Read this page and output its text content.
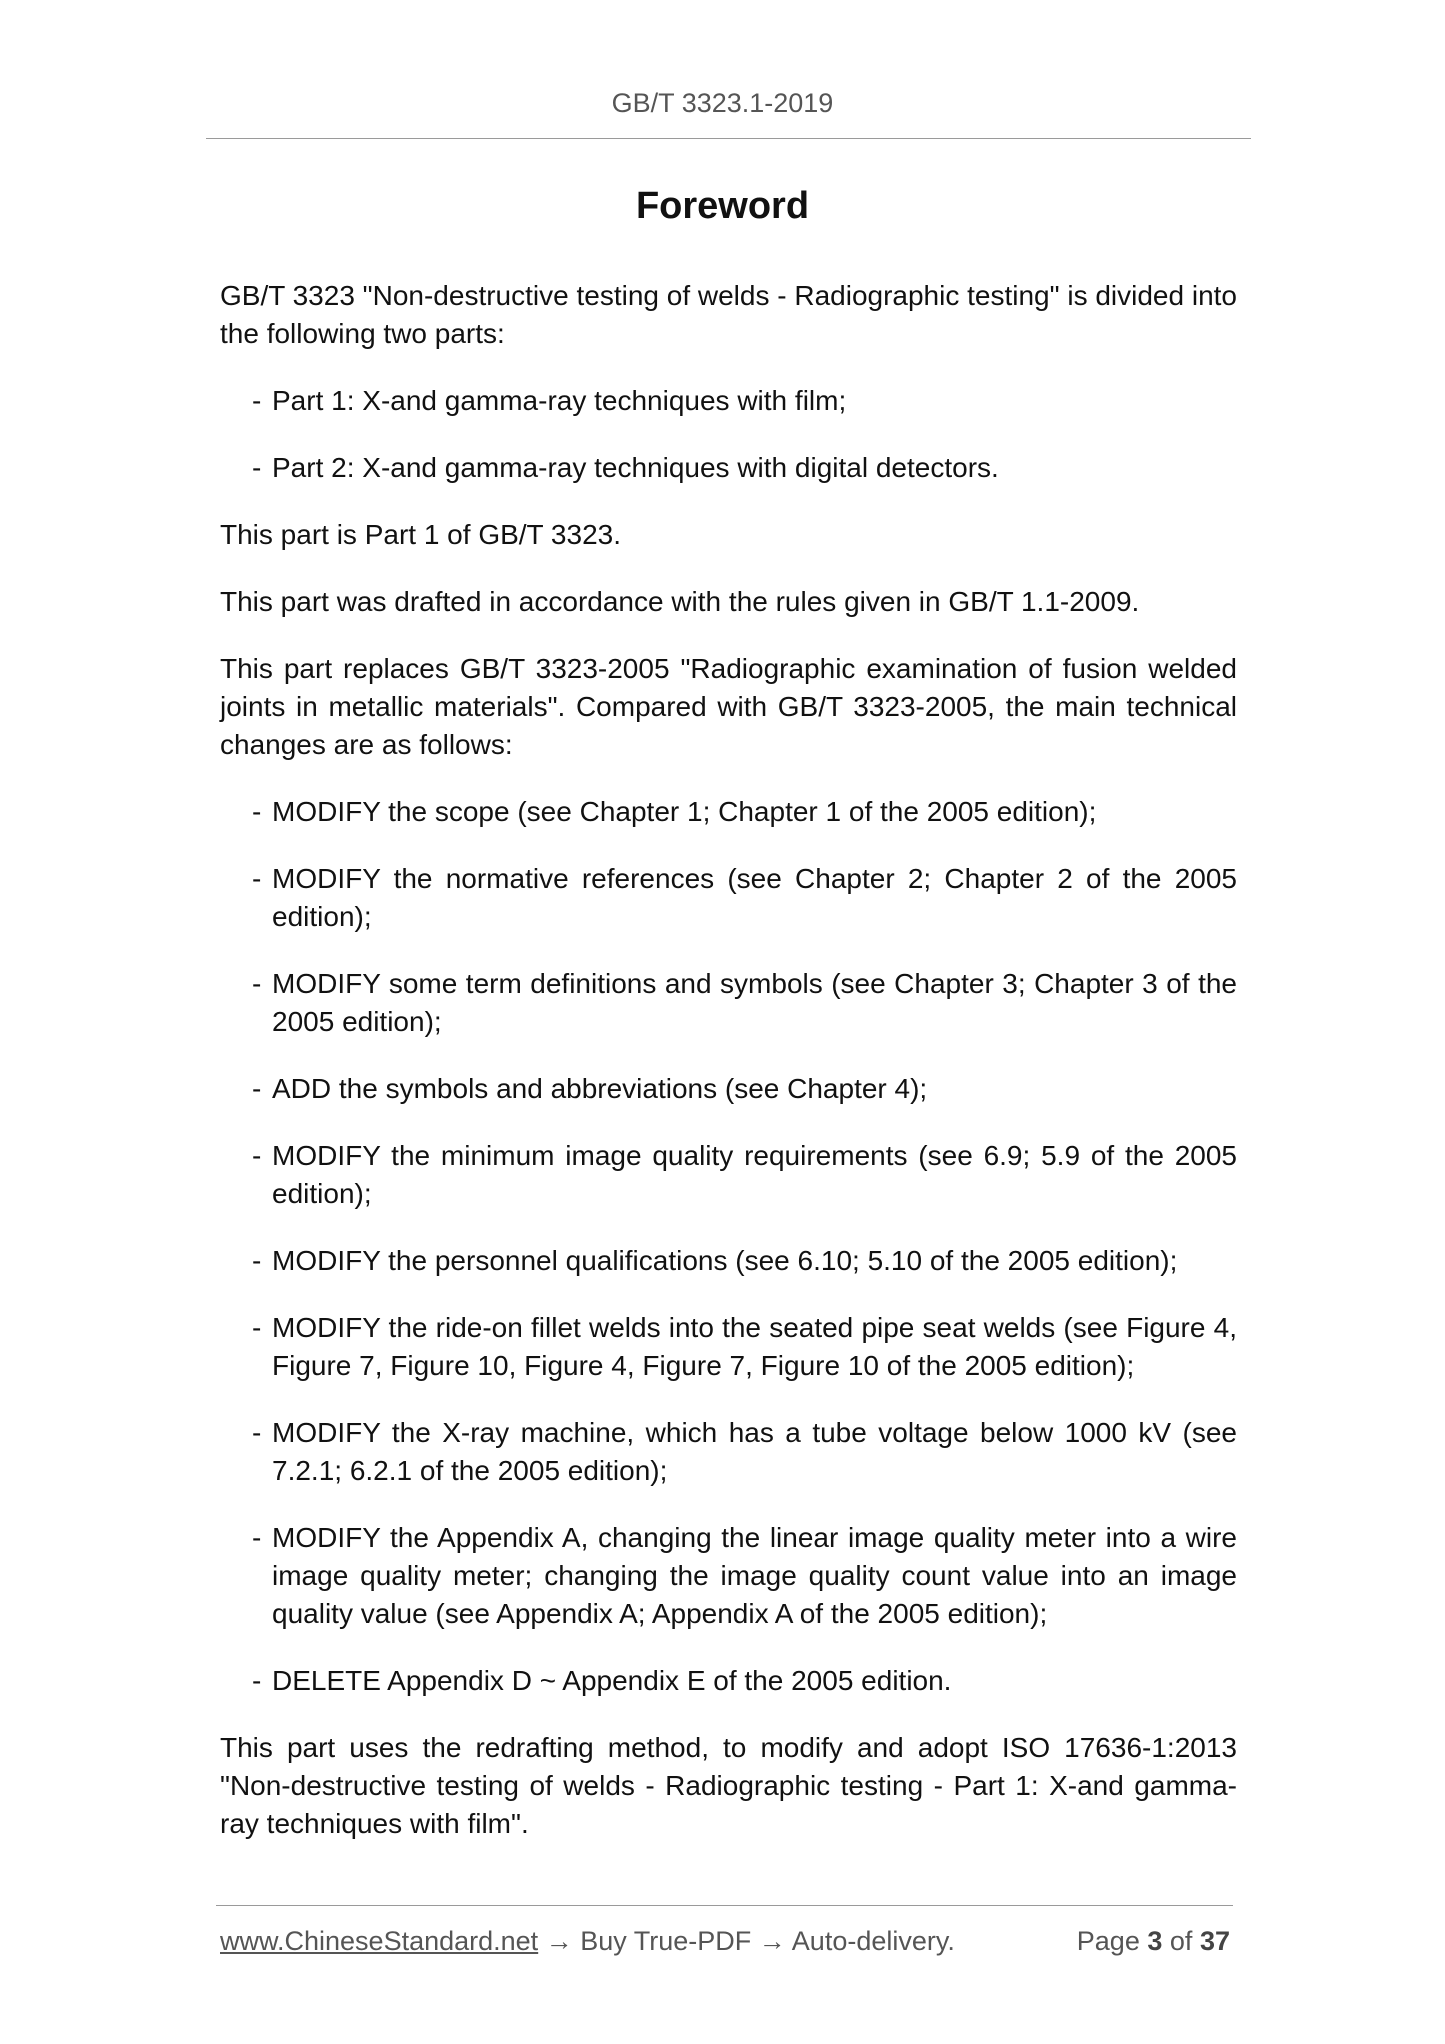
GB/T 3323.1-2019
Foreword

GB/T 3323 "Non-destructive testing of welds - Radiographic testing" is divided into the following two parts:

- Part 1: X-and gamma-ray techniques with film;
- Part 2: X-and gamma-ray techniques with digital detectors.

This part is Part 1 of GB/T 3323.

This part was drafted in accordance with the rules given in GB/T 1.1-2009.

This part replaces GB/T 3323-2005 "Radiographic examination of fusion welded joints in metallic materials". Compared with GB/T 3323-2005, the main technical changes are as follows:

- MODIFY the scope (see Chapter 1; Chapter 1 of the 2005 edition);
- MODIFY the normative references (see Chapter 2; Chapter 2 of the 2005 edition);
- MODIFY some term definitions and symbols (see Chapter 3; Chapter 3 of the 2005 edition);
- ADD the symbols and abbreviations (see Chapter 4);
- MODIFY the minimum image quality requirements (see 6.9; 5.9 of the 2005 edition);
- MODIFY the personnel qualifications (see 6.10; 5.10 of the 2005 edition);
- MODIFY the ride-on fillet welds into the seated pipe seat welds (see Figure 4, Figure 7, Figure 10, Figure 4, Figure 7, Figure 10 of the 2005 edition);
- MODIFY the X-ray machine, which has a tube voltage below 1000 kV (see 7.2.1; 6.2.1 of the 2005 edition);
- MODIFY the Appendix A, changing the linear image quality meter into a wire image quality meter; changing the image quality count value into an image quality value (see Appendix A; Appendix A of the 2005 edition);
- DELETE Appendix D ~ Appendix E of the 2005 edition.

This part uses the redrafting method, to modify and adopt ISO 17636-1:2013 "Non-destructive testing of welds - Radiographic testing - Part 1: X-and gamma-ray techniques with film".

www.ChineseStandard.net → Buy True-PDF → Auto-delivery.	Page 3 of 37
